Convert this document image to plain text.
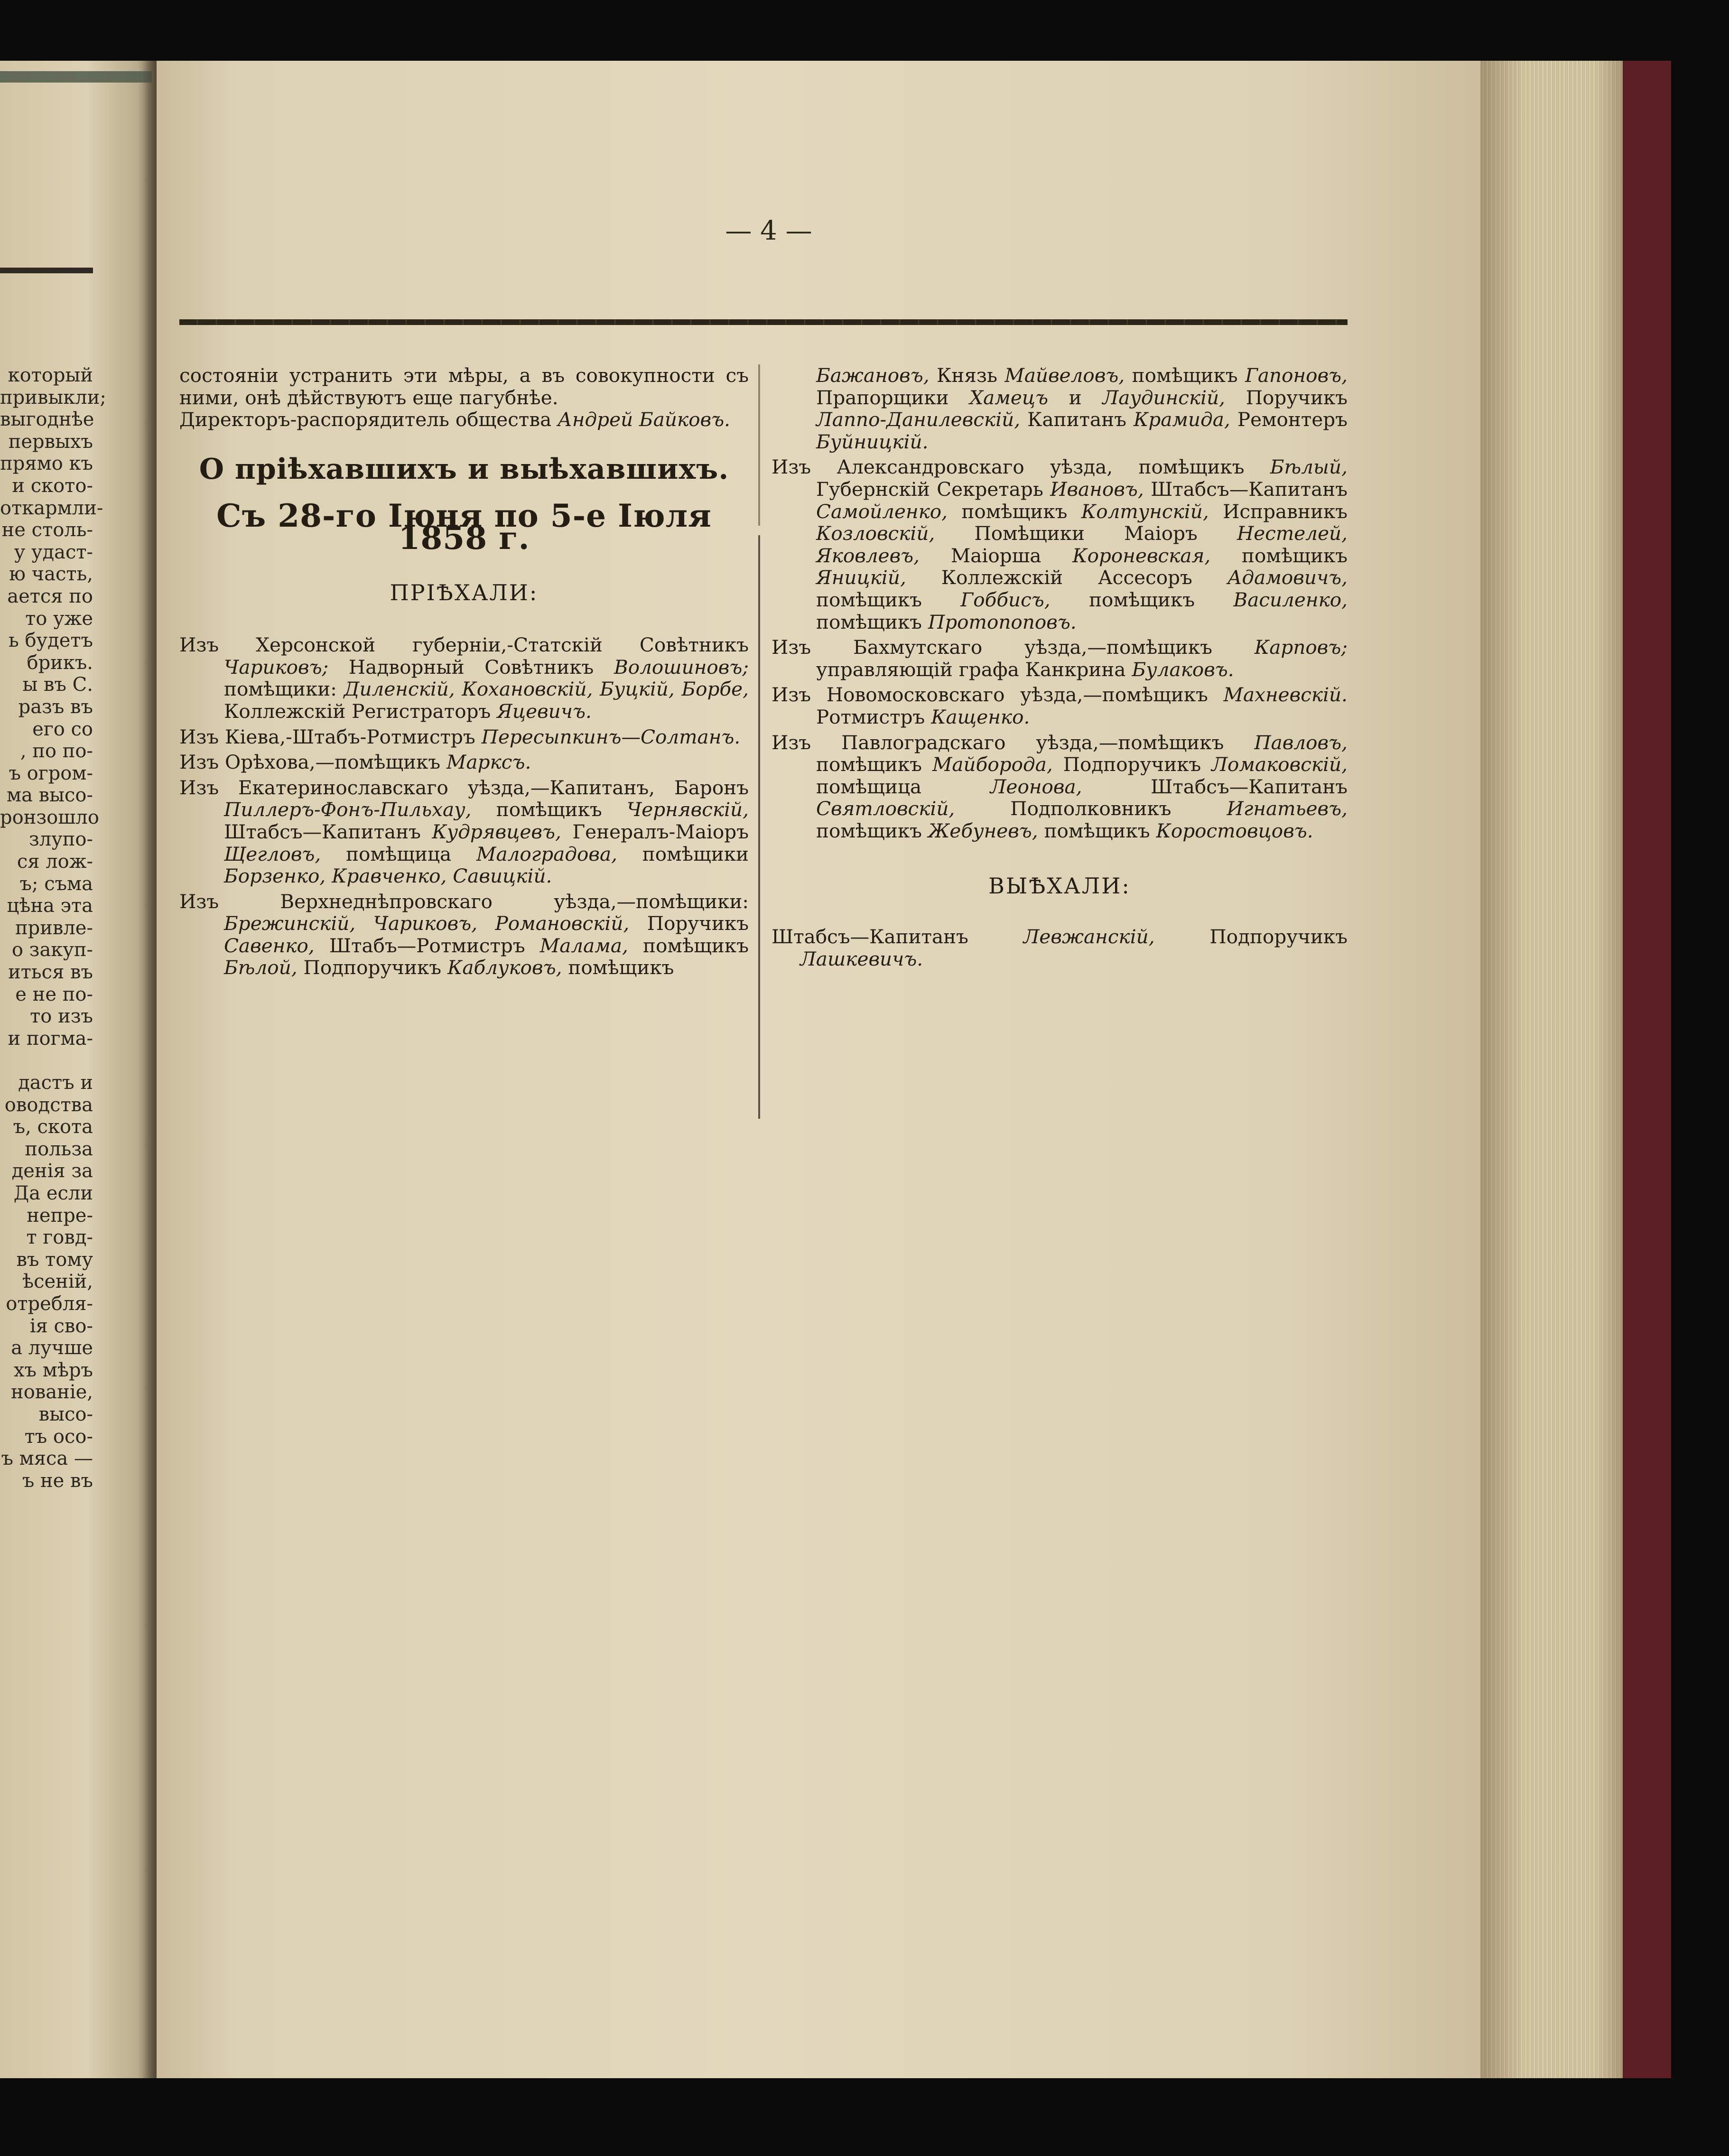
который
привыкли;
выгоднѣе
первыхъ
прямо къ
и ското-
откармли-
не столь-
у удаст-
ю часть,
ается по
то уже
ь будетъ
брикъ.
ы въ С.
разъ въ
его со
, по по-
ъ огром-
ма высо-
ронзошло
злупо-
ся лож-
ъ; съма
цѣна эта
привле-
о закуп-
иться въ
е не по-
то изъ
и погма-
дастъ и
оводства
ъ, скота
польза
денія за
Да если
непре-
т говд-
въ тому
ѣсеній,
отребля-
ія сво-
а лучше
хъ мѣръ
нованіе,
высо-
тъ осо-
ъ мяса —
ъ не въ
— 4 —

состоянiи устранить эти мѣры, а въ совокупности съ ними, онѣ дѣйствуютъ еще пагубнѣе.

Директоръ-распорядитель общества Андрей Байковъ.

О прiѣхавшихъ и выѣхавшихъ.
Съ 28-го Іюня по 5-е Іюля 1858 г.
ПРІѢХАЛИ:

Изъ Херсонской губернiи,-Статскiй Совѣтникъ Чариковъ; Надворный Совѣтникъ Волошиновъ; помѣщики: Диленскiй, Кохановскiй, Буцкiй, Борбе, Коллежскiй Регистраторъ Яцевичъ.

Изъ Кiева,-Штабъ-Ротмистръ Пересыпкинъ—Солтанъ.

Изъ Орѣхова,—помѣщикъ Марксъ.

Изъ Екатеринославскаго уѣзда,—Капитанъ, Баронъ Пиллеръ-Фонъ-Пильхау, помѣщикъ Чернявскiй, Штабсъ—Капитанъ Кудрявцевъ, Генералъ-Маiоръ Щегловъ, помѣщица Малоградова, помѣщики Борзенко, Кравченко, Савицкiй.

Изъ Верхнеднѣпровскаго уѣзда,—помѣщики: Брежинскiй, Чариковъ, Романовскiй, Поручикъ Савенко, Штабъ—Ротмистръ Малама, помѣщикъ Бѣлой, Подпоручикъ Каблуковъ, помѣщикъ

Бажановъ, Князь Майвеловъ, помѣщикъ Гапоновъ, Прапорщики Хамецъ и Лаудинскiй, Поручикъ Лаппо-Данилевскiй, Капитанъ Крамида, Ремонтеръ Буйницкiй.

Изъ Александровскаго уѣзда, помѣщикъ Бѣлый, Губернскiй Секретарь Ивановъ, Штабсъ—Капитанъ Самойленко, помѣщикъ Колтунскiй, Исправникъ Козловскiй, Помѣщики Маiоръ Нестелей, Яковлевъ, Маiорша Короневская, помѣщикъ Яницкiй, Коллежскiй Ассесоръ Адамовичъ, помѣщикъ Гоббисъ, помѣщикъ Василенко, помѣщикъ Протопоповъ.

Изъ Бахмутскаго уѣзда,—помѣщикъ Карповъ; управляющiй графа Канкрина Булаковъ.

Изъ Новомосковскаго уѣзда,—помѣщикъ Махневскiй. Ротмистръ Кащенко.

Изъ Павлоградскаго уѣзда,—помѣщикъ Павловъ, помѣщикъ Майборода, Подпоручикъ Ломаковскiй, помѣщица	Леонова,	Штабсъ—Капитанъ Святловскiй,	Подполковникъ	Игнатьевъ, помѣщикъ Жебуневъ, помѣщикъ Коростовцовъ.

ВЫѢХАЛИ:

Штабсъ—Капитанъ	Левжанскiй,	Подпоручикъ Лашкевичъ.
